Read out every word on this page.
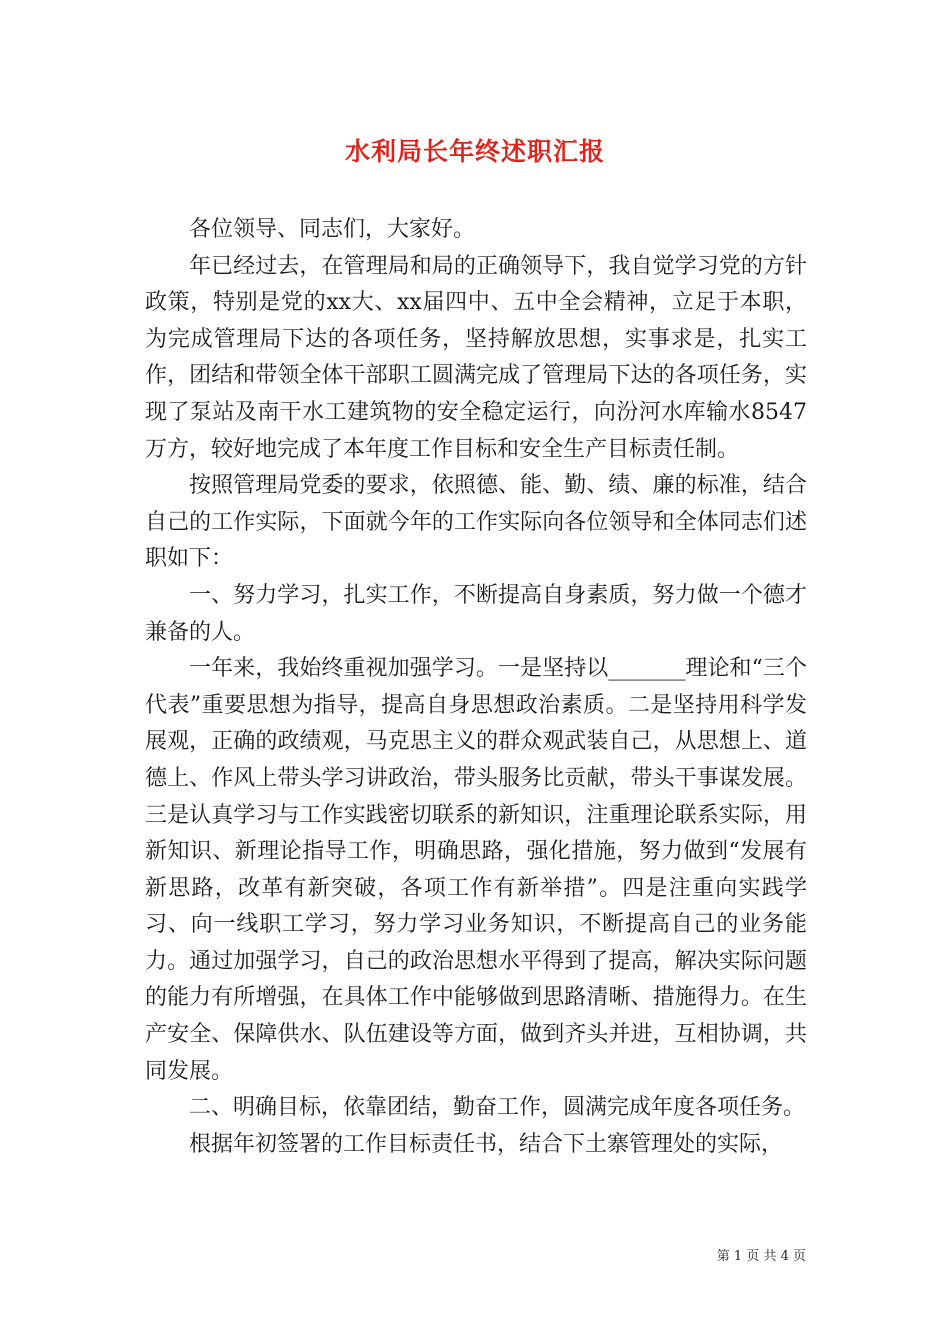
水利局长年终述职汇报

各位领导、同志们，大家好。

年已经过去，在管理局和局的正确领导下，我自觉学习党的方针政策，特别是党的xx大、xx届四中、五中全会精神，立足于本职，为完成管理局下达的各项任务，坚持解放思想，实事求是，扎实工作，团结和带领全体干部职工圆满完成了管理局下达的各项任务，实现了泵站及南干水工建筑物的安全稳定运行，向汾河水库输水8547万方，较好地完成了本年度工作目标和安全生产目标责任制。

按照管理局党委的要求，依照德、能、勤、绩、廉的标准，结合自己的工作实际，下面就今年的工作实际向各位领导和全体同志们述职如下：

一、努力学习，扎实工作，不断提高自身素质，努力做一个德才兼备的人。

一年来，我始终重视加强学习。一是坚持以_______理论和“三个代表”重要思想为指导，提高自身思想政治素质。二是坚持用科学发展观，正确的政绩观，马克思主义的群众观武装自己，从思想上、道德上、作风上带头学习讲政治，带头服务比贡献，带头干事谋发展。三是认真学习与工作实践密切联系的新知识，注重理论联系实际，用新知识、新理论指导工作，明确思路，强化措施，努力做到“发展有新思路，改革有新突破，各项工作有新举措”。四是注重向实践学习、向一线职工学习，努力学习业务知识，不断提高自己的业务能力。通过加强学习，自己的政治思想水平得到了提高，解决实际问题的能力有所增强，在具体工作中能够做到思路清晰、措施得力。在生产安全、保障供水、队伍建设等方面，做到齐头并进，互相协调，共同发展。

二、明确目标，依靠团结，勤奋工作，圆满完成年度各项任务。

根据年初签署的工作目标责任书，结合下土寨管理处的实际，

第 1 页 共 4 页
